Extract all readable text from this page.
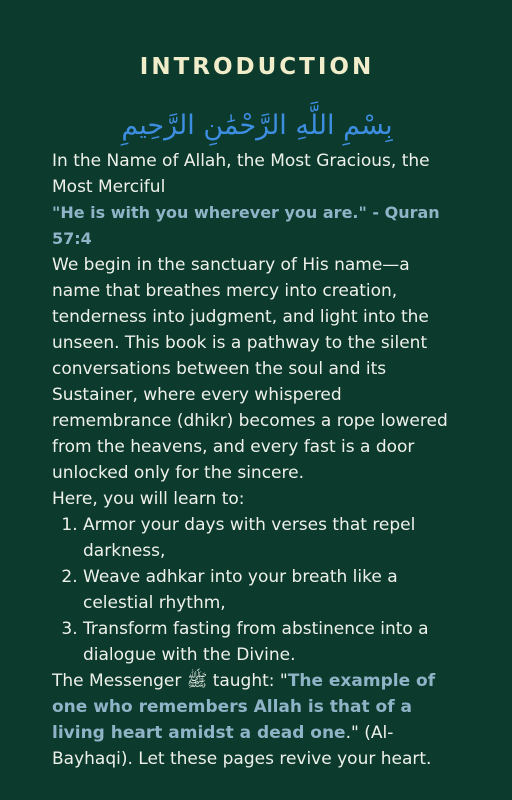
INTRODUCTION

بِسْمِ اللَّهِ الرَّحْمَٰنِ الرَّحِيمِ

In the Name of Allah, the Most Gracious, the Most Merciful

"He is with you wherever you are." - Quran 57:4

We begin in the sanctuary of His name—a name that breathes mercy into creation, tenderness into judgment, and light into the unseen. This book is a pathway to the silent conversations between the soul and its Sustainer, where every whispered remembrance (dhikr) becomes a rope lowered from the heavens, and every fast is a door unlocked only for the sincere.

Here, you will learn to:

1. Armor your days with verses that repel darkness,
2. Weave adhkar into your breath like a celestial rhythm,
3. Transform fasting from abstinence into a dialogue with the Divine.

The Messenger ﷺ taught: "The example of one who remembers Allah is that of a living heart amidst a dead one." (Al-Bayhaqi). Let these pages revive your heart.
